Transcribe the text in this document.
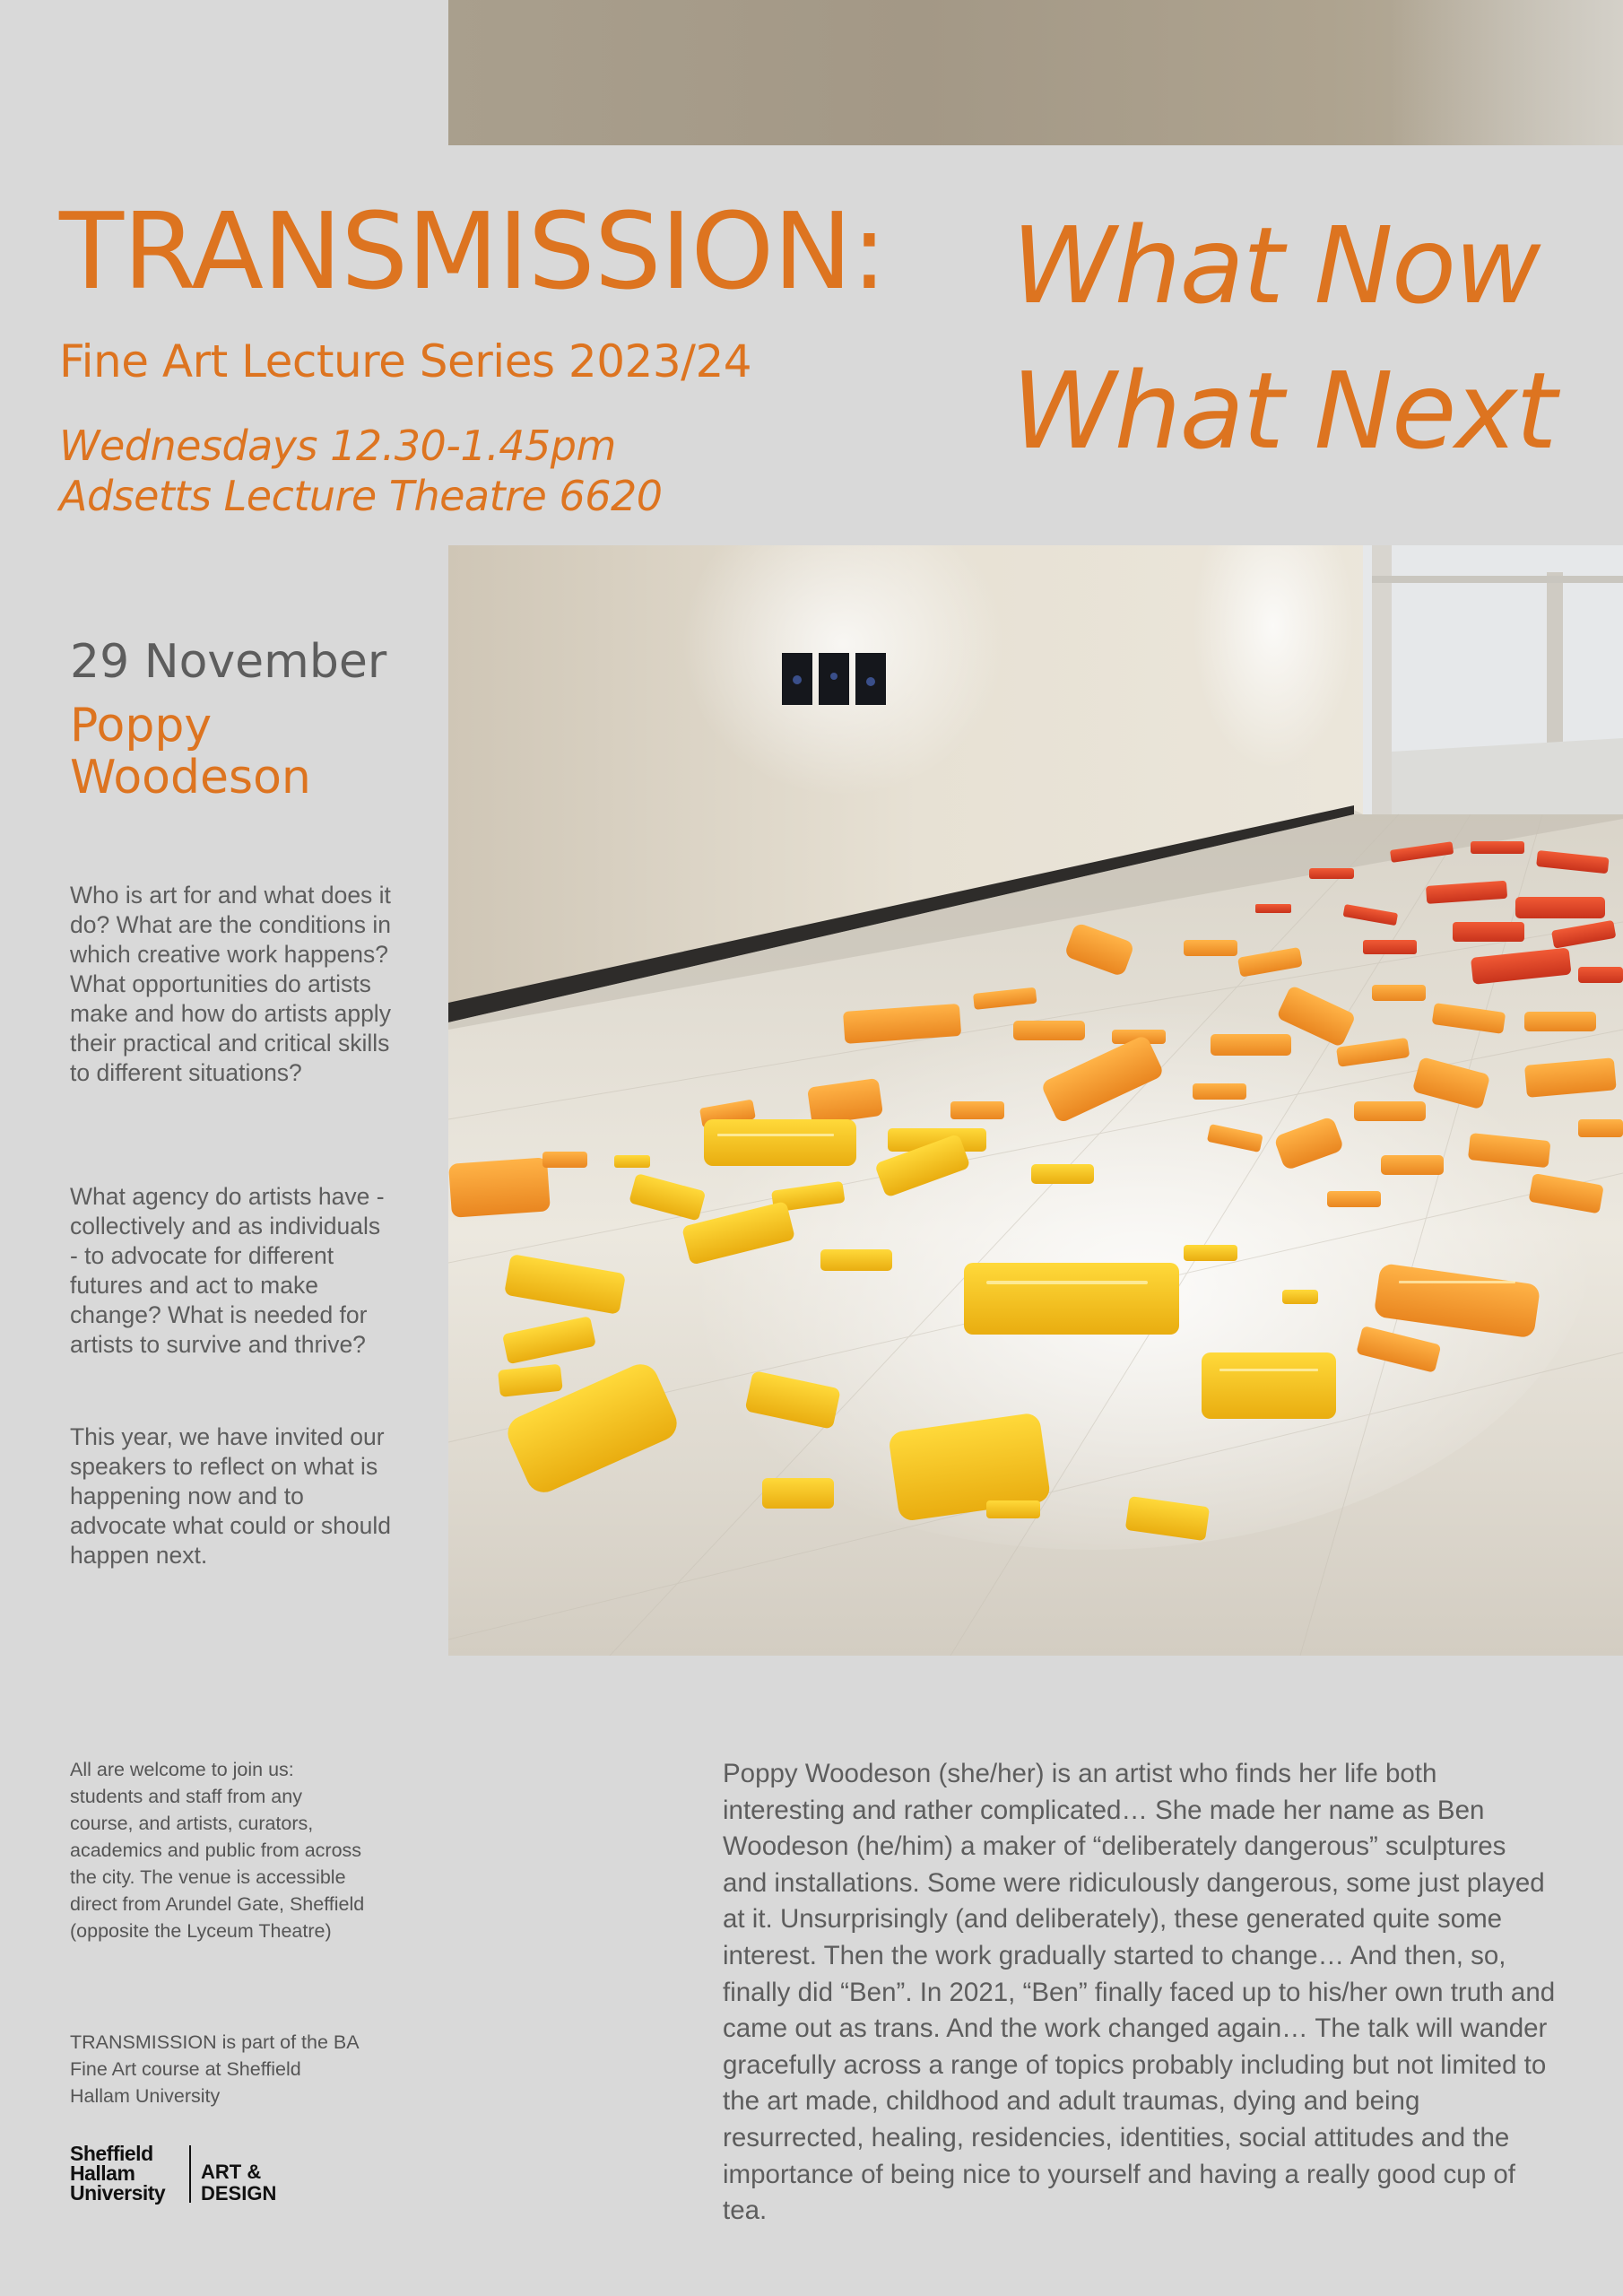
TRANSMISSION: What Now
What Next
Fine Art Lecture Series 2023/24
Wednesdays 12.30-1.45pm
Adsetts Lecture Theatre 6620
29 November
Poppy
Woodeson
Who is art for and what does it do? What are the conditions in which creative work happens? What opportunities do artists make and how do artists apply their practical and critical skills to different situations?
What agency do artists have - collectively and as individuals - to advocate for different futures and act to make change? What is needed for artists to survive and thrive?
This year, we have invited our speakers to reflect on what is happening now and to advocate what could or should happen next.
All are welcome to join us: students and staff from any course, and artists, curators, academics and public from across the city. The venue is accessible direct from Arundel Gate, Sheffield (opposite the Lyceum Theatre)
TRANSMISSION is part of the BA Fine Art course at Sheffield Hallam University
Sheffield
Hallam
University
ART &
DESIGN
Poppy Woodeson (she/her) is an artist who finds her life both interesting and rather complicated… She made her name as Ben Woodeson (he/him) a maker of “deliberately dangerous” sculptures and installations. Some were ridiculously dangerous, some just played at it. Unsurprisingly (and deliberately), these generated quite some interest. Then the work gradually started to change… And then, so, finally did “Ben”. In 2021, “Ben” finally faced up to his/her own truth and came out as trans. And the work changed again… The talk will wander gracefully across a range of topics probably including but not limited to the art made, childhood and adult traumas, dying and being resurrected, healing, residencies, identities, social attitudes and the importance of being nice to yourself and having a really good cup of tea.
